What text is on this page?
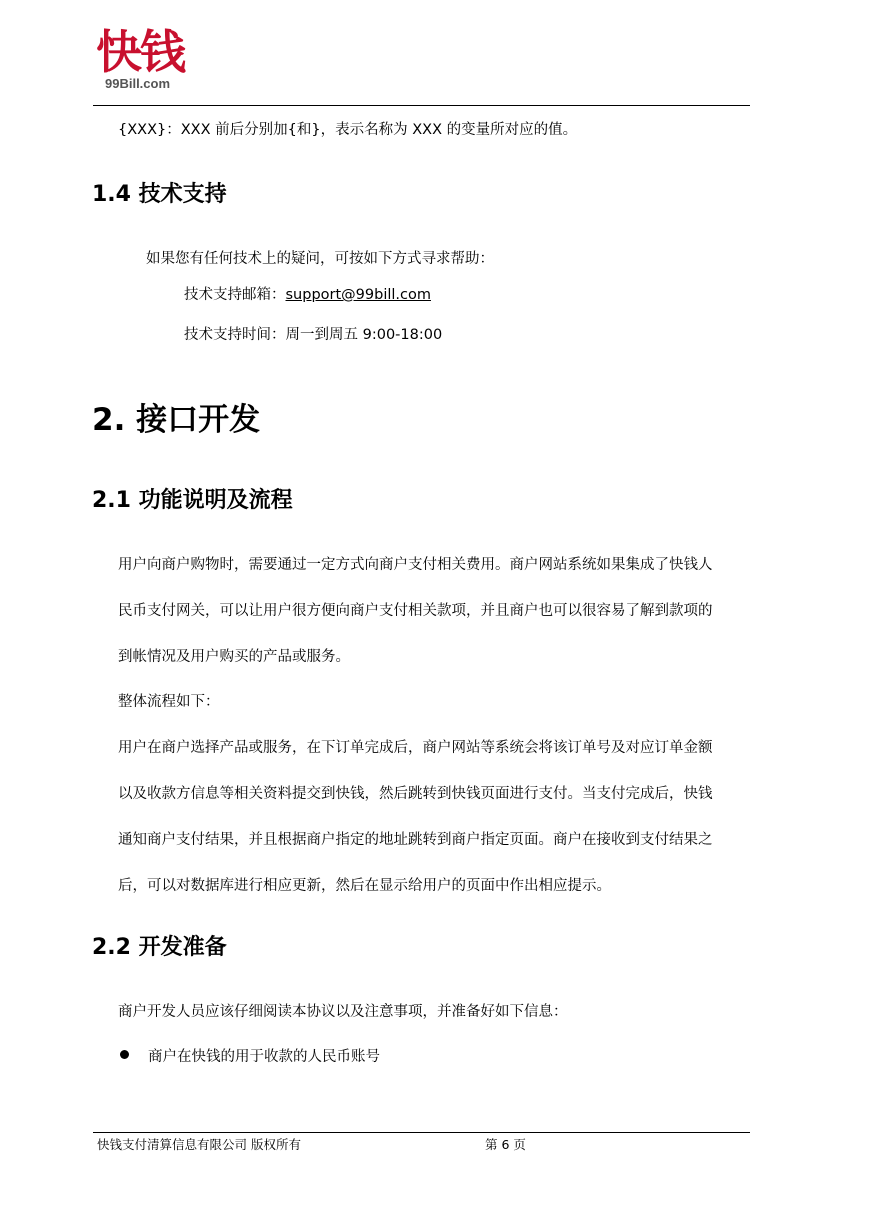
快钱
99Bill.com
{XXX}：XXX 前后分别加{和}，表示名称为 XXX 的变量所对应的值。
1.4 技术支持
如果您有任何技术上的疑问，可按如下方式寻求帮助：
技术支持邮箱：support@99bill.com
技术支持时间：周一到周五 9:00-18:00
2. 接口开发
2.1 功能说明及流程
用户向商户购物时，需要通过一定方式向商户支付相关费用。商户网站系统如果集成了快钱人
民币支付网关，可以让用户很方便向商户支付相关款项，并且商户也可以很容易了解到款项的
到帐情况及用户购买的产品或服务。
整体流程如下：
用户在商户选择产品或服务，在下订单完成后，商户网站等系统会将该订单号及对应订单金额
以及收款方信息等相关资料提交到快钱，然后跳转到快钱页面进行支付。当支付完成后，快钱
通知商户支付结果，并且根据商户指定的地址跳转到商户指定页面。商户在接收到支付结果之
后，可以对数据库进行相应更新，然后在显示给用户的页面中作出相应提示。
2.2 开发准备
商户开发人员应该仔细阅读本协议以及注意事项，并准备好如下信息：
商户在快钱的用于收款的人民币账号
快钱支付清算信息有限公司 版权所有	第 6 页
